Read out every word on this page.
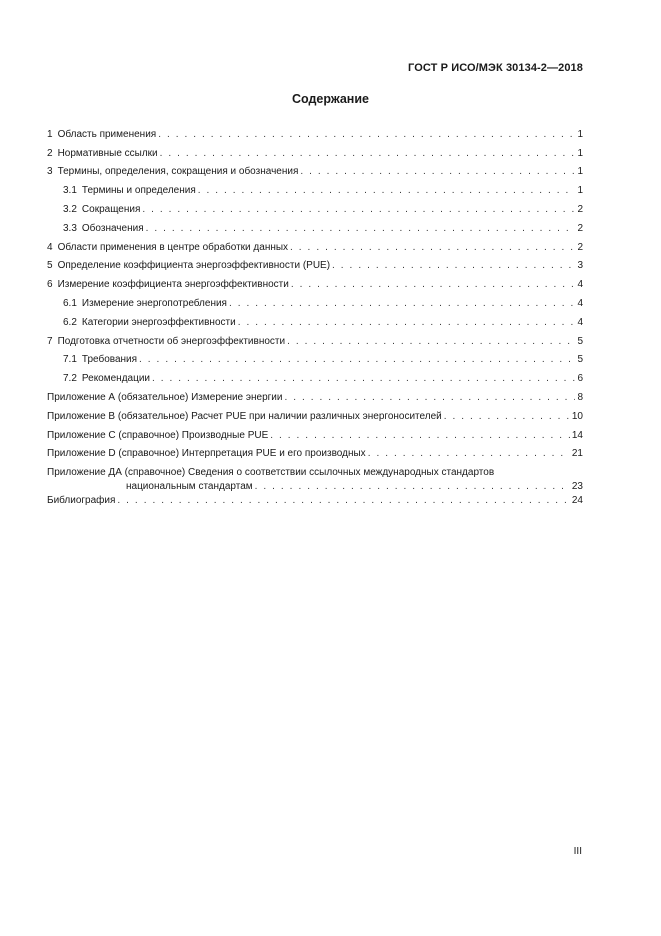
ГОСТ Р ИСО/МЭК 30134-2—2018
Содержание
1 Область применения . . .	1
2 Нормативные ссылки . . .	1
3 Термины, определения, сокращения и обозначения . . .	1
3.1 Термины и определения . . .	1
3.2 Сокращения . . .	2
3.3 Обозначения . . .	2
4 Области применения в центре обработки данных . . .	2
5 Определение коэффициента энергоэффективности (PUE) . . .	3
6 Измерение коэффициента энергоэффективности . . .	4
6.1 Измерение энергопотребления . . .	4
6.2 Категории энергоэффективности . . .	4
7 Подготовка отчетности об энергоэффективности . . .	5
7.1 Требования . . .	5
7.2 Рекомендации . . .	6
Приложение А (обязательное) Измерение энергии . . .	8
Приложение В (обязательное) Расчет PUE при наличии различных энергоносителей . . .	10
Приложение С (справочное) Производные PUE . . .	14
Приложение D (справочное) Интерпретация PUE и его производных . . .	21
Приложение ДА (справочное) Сведения о соответствии ссылочных международных стандартов
национальным стандартам . . .	23
Библиография . . .	24
III
